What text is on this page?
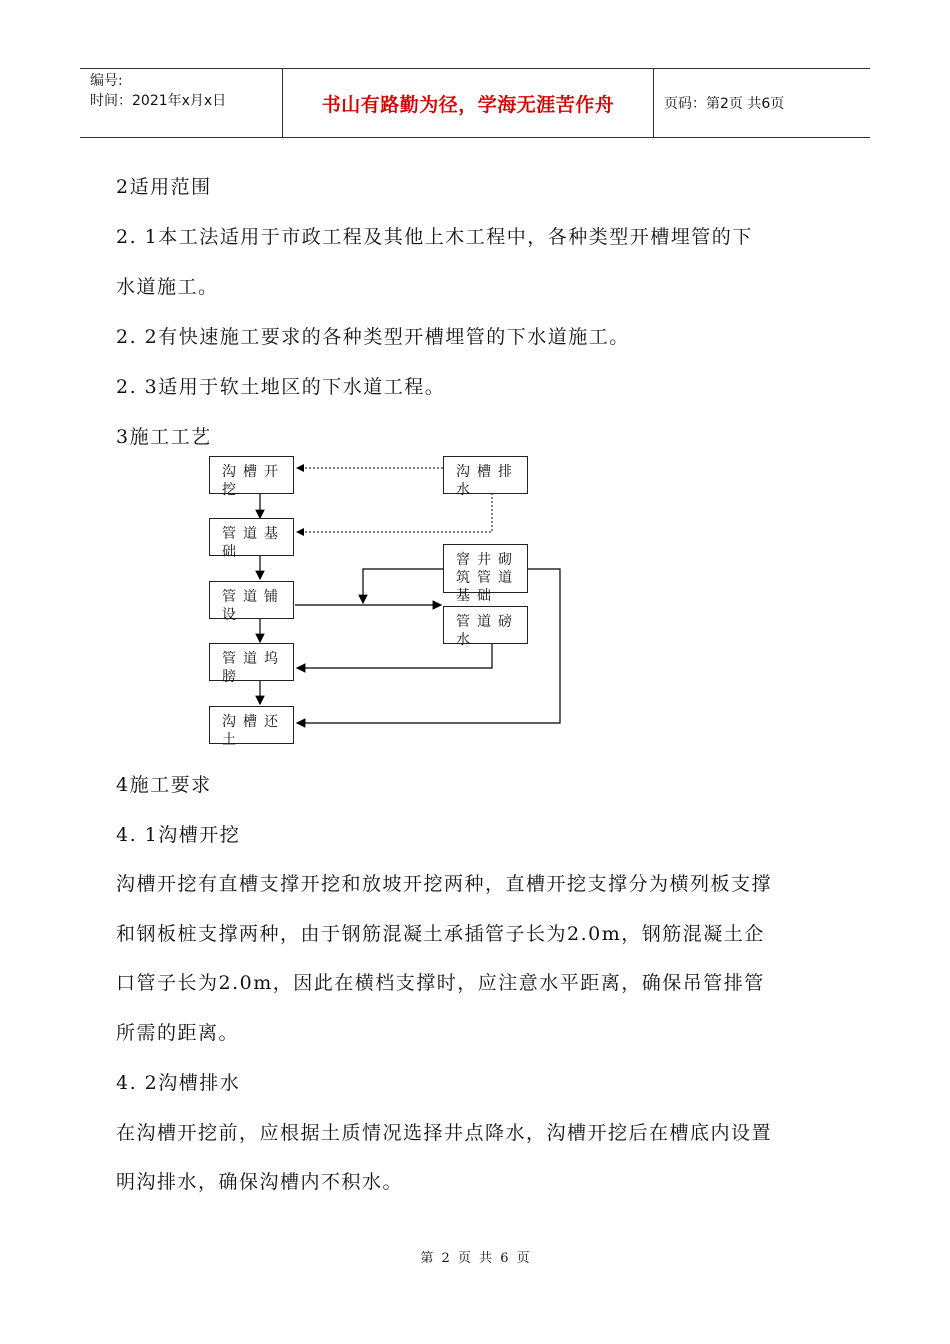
编号:
时间：2021年x月x日	书山有路勤为径，学海无涯苦作舟	页码：第2页 共6页
2适用范围
2. 1本工法适用于市政工程及其他上木工程中，各种类型开槽埋管的下
水道施工。
2. 2有快速施工要求的各种类型开槽埋管的下水道施工。
2. 3适用于软土地区的下水道工程。
3施工工艺
沟槽开挖
管道基础
管道铺设
管道坞膀
沟槽还土
沟槽排水
窨井砌筑管道基础
管道磅水
4施工要求
4. 1沟槽开挖
沟槽开挖有直槽支撑开挖和放坡开挖两种，直槽开挖支撑分为横列板支撑
和钢板桩支撑两种，由于钢筋混凝土承插管子长为2.0m，钢筋混凝土企
口管子长为2.0m，因此在横档支撑时，应注意水平距离，确保吊管排管
所需的距离。
4. 2沟槽排水
在沟槽开挖前，应根据土质情况选择井点降水，沟槽开挖后在槽底内设置
明沟排水，确保沟槽内不积水。
第 2 页 共 6 页
